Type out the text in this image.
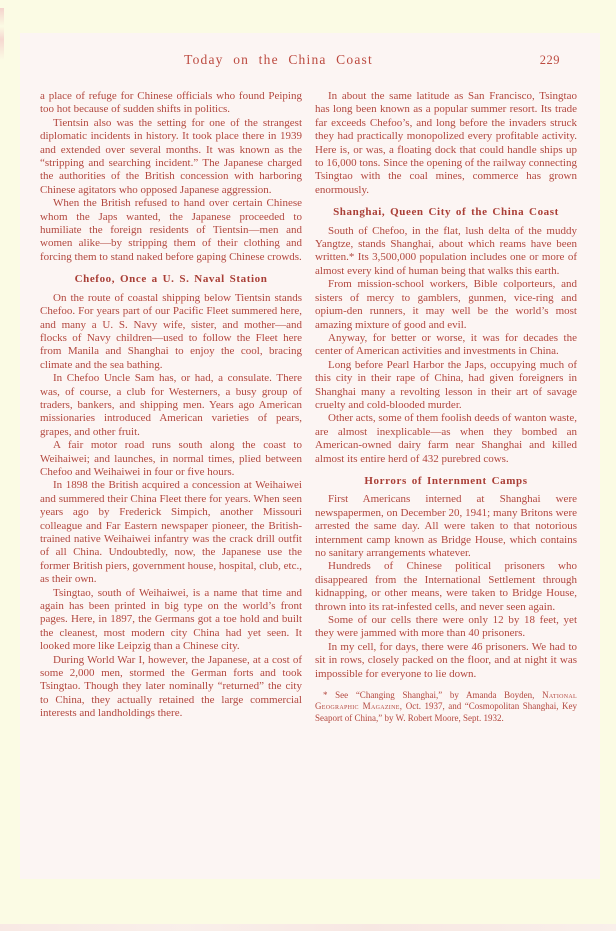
Today on the China Coast	229

a place of refuge for Chinese officials who found Peiping too hot because of sudden shifts in politics.

Tientsin also was the setting for one of the strangest diplomatic incidents in history. It took place there in 1939 and extended over several months. It was known as the “stripping and searching incident.” The Japanese charged the authorities of the British concession with harboring Chinese agitators who opposed Japanese aggression.

When the British refused to hand over certain Chinese whom the Japs wanted, the Japanese proceeded to humiliate the foreign residents of Tientsin—men and women alike—by stripping them of their clothing and forcing them to stand naked before gaping Chinese crowds.

Chefoo, Once a U. S. Naval Station

On the route of coastal shipping below Tientsin stands Chefoo. For years part of our Pacific Fleet summered here, and many a U. S. Navy wife, sister, and mother—and flocks of Navy children—used to follow the Fleet here from Manila and Shanghai to enjoy the cool, bracing climate and the sea bathing.

In Chefoo Uncle Sam has, or had, a consulate. There was, of course, a club for Westerners, a busy group of traders, bankers, and shipping men. Years ago American missionaries introduced American varieties of pears, grapes, and other fruit.

A fair motor road runs south along the coast to Weihaiwei; and launches, in normal times, plied between Chefoo and Weihaiwei in four or five hours.

In 1898 the British acquired a concession at Weihaiwei and summered their China Fleet there for years. When seen years ago by Frederick Simpich, another Missouri colleague and Far Eastern newspaper pioneer, the British-trained native Weihaiwei infantry was the crack drill outfit of all China. Undoubtedly, now, the Japanese use the former British piers, government house, hospital, club, etc., as their own.

Tsingtao, south of Weihaiwei, is a name that time and again has been printed in big type on the world’s front pages. Here, in 1897, the Germans got a toe hold and built the cleanest, most modern city China had yet seen. It looked more like Leipzig than a Chinese city.

During World War I, however, the Japanese, at a cost of some 2,000 men, stormed the German forts and took Tsingtao. Though they later nominally “returned” the city to China, they actually retained the large commercial interests and landholdings there.

In about the same latitude as San Francisco, Tsingtao has long been known as a popular summer resort. Its trade far exceeds Chefoo’s, and long before the invaders struck they had practically monopolized every profitable activity. Here is, or was, a floating dock that could handle ships up to 16,000 tons. Since the opening of the railway connecting Tsingtao with the coal mines, commerce has grown enormously.

Shanghai, Queen City of the China Coast

South of Chefoo, in the flat, lush delta of the muddy Yangtze, stands Shanghai, about which reams have been written.* Its 3,500,000 population includes one or more of almost every kind of human being that walks this earth.

From mission-school workers, Bible colporteurs, and sisters of mercy to gamblers, gunmen, vice-ring and opium-den runners, it may well be the world’s most amazing mixture of good and evil.

Anyway, for better or worse, it was for decades the center of American activities and investments in China.

Long before Pearl Harbor the Japs, occupying much of this city in their rape of China, had given foreigners in Shanghai many a revolting lesson in their art of savage cruelty and cold-blooded murder.

Other acts, some of them foolish deeds of wanton waste, are almost inexplicable—as when they bombed an American-owned dairy farm near Shanghai and killed almost its entire herd of 432 purebred cows.

Horrors of Internment Camps

First Americans interned at Shanghai were newspapermen, on December 20, 1941; many Britons were arrested the same day. All were taken to that notorious internment camp known as Bridge House, which contains no sanitary arrangements whatever.

Hundreds of Chinese political prisoners who disappeared from the International Settlement through kidnapping, or other means, were taken to Bridge House, thrown into its rat-infested cells, and never seen again.

Some of our cells there were only 12 by 18 feet, yet they were jammed with more than 40 prisoners.

In my cell, for days, there were 46 prisoners. We had to sit in rows, closely packed on the floor, and at night it was impossible for everyone to lie down.

* See “Changing Shanghai,” by Amanda Boyden, National Geographic Magazine, Oct. 1937, and “Cosmopolitan Shanghai, Key Seaport of China,” by W. Robert Moore, Sept. 1932.
